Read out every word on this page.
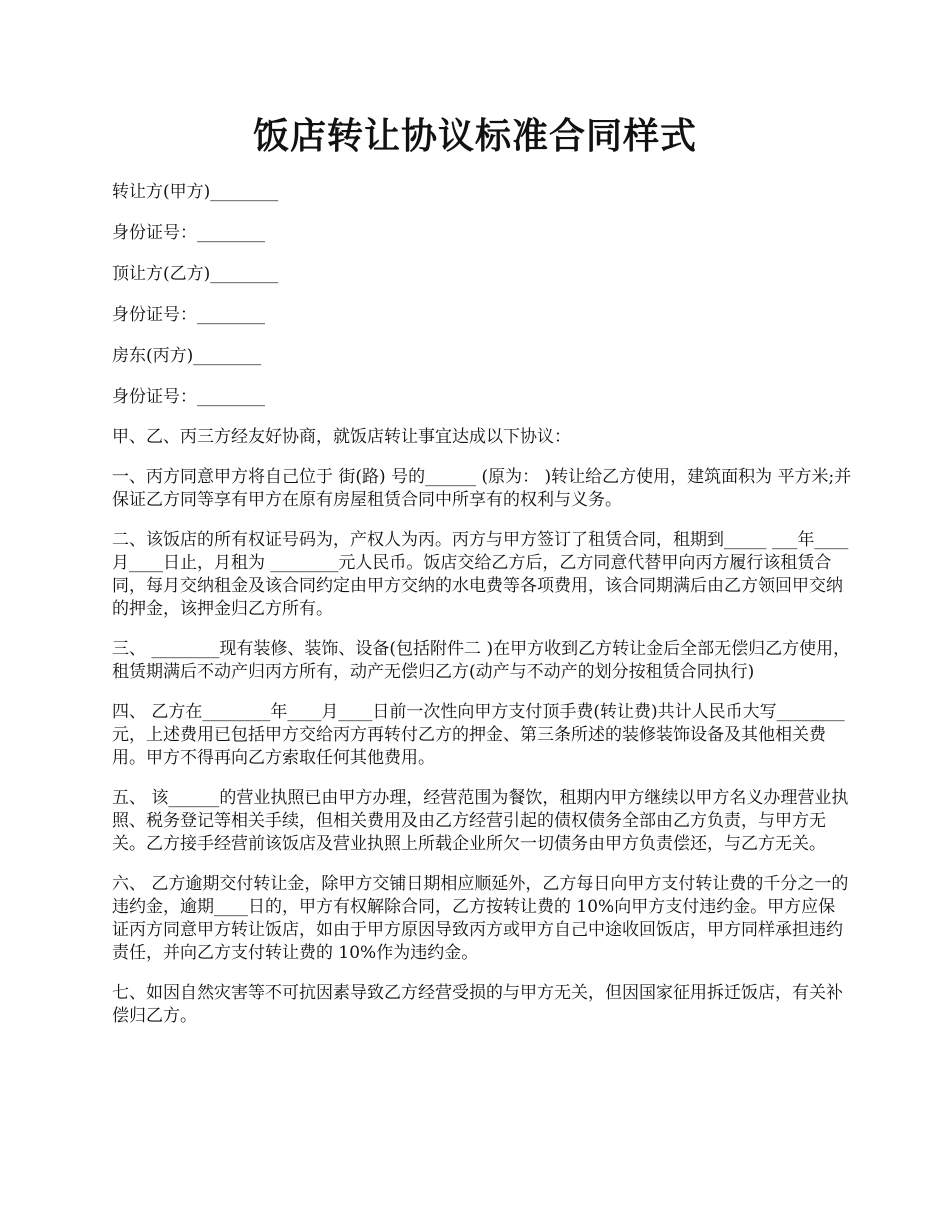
饭店转让协议标准合同样式

转让方(甲方)________

身份证号：________

顶让方(乙方)________

身份证号：________

房东(丙方)________

身份证号：________

甲、乙、丙三方经友好协商，就饭店转让事宜达成以下协议：

一、丙方同意甲方将自己位于 街(路) 号的______ (原为： )转让给乙方使用，建筑面积为 平方米;并保证乙方同等享有甲方在原有房屋租赁合同中所享有的权利与义务。

二、该饭店的所有权证号码为，产权人为丙。丙方与甲方签订了租赁合同，租期到_____ ___年____月____日止，月租为 ________元人民币。饭店交给乙方后，乙方同意代替甲向丙方履行该租赁合同，每月交纳租金及该合同约定由甲方交纳的水电费等各项费用，该合同期满后由乙方领回甲交纳的押金，该押金归乙方所有。

三、 ________现有装修、装饰、设备(包括附件二 )在甲方收到乙方转让金后全部无偿归乙方使用，租赁期满后不动产归丙方所有，动产无偿归乙方(动产与不动产的划分按租赁合同执行)

四、 乙方在________年____月____日前一次性向甲方支付顶手费(转让费)共计人民币大写________ 元，上述费用已包括甲方交给丙方再转付乙方的押金、第三条所述的装修装饰设备及其他相关费用。甲方不得再向乙方索取任何其他费用。

五、 该______的营业执照已由甲方办理，经营范围为餐饮，租期内甲方继续以甲方名义办理营业执照、税务登记等相关手续，但相关费用及由乙方经营引起的债权债务全部由乙方负责，与甲方无关。乙方接手经营前该饭店及营业执照上所载企业所欠一切债务由甲方负责偿还，与乙方无关。

六、 乙方逾期交付转让金，除甲方交铺日期相应顺延外，乙方每日向甲方支付转让费的千分之一的违约金，逾期____日的，甲方有权解除合同，乙方按转让费的 10%向甲方支付违约金。甲方应保证丙方同意甲方转让饭店，如由于甲方原因导致丙方或甲方自己中途收回饭店，甲方同样承担违约责任，并向乙方支付转让费的 10%作为违约金。

七、如因自然灾害等不可抗因素导致乙方经营受损的与甲方无关，但因国家征用拆迁饭店，有关补偿归乙方。
